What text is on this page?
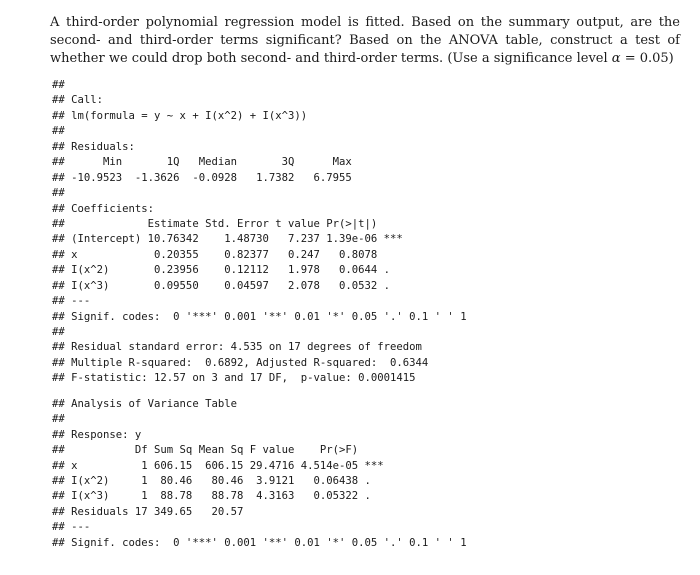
A third-order polynomial regression model is fitted. Based on the summary output, are the second- and third-order terms significant? Based on the ANOVA table, construct a test of whether we could drop both second- and third-order terms. (Use a significance level α = 0.05)
##
## Call:
## lm(formula = y ~ x + I(x^2) + I(x^3))
##
## Residuals:
##      Min       1Q   Median       3Q      Max
## -10.9523  -1.3626  -0.0928   1.7382   6.7955
##
## Coefficients:
##             Estimate Std. Error t value Pr(>|t|)
## (Intercept) 10.76342    1.48730   7.237 1.39e-06 ***
## x            0.20355    0.82377   0.247   0.8078
## I(x^2)       0.23956    0.12112   1.978   0.0644 .
## I(x^3)       0.09550    0.04597   2.078   0.0532 .
## ---
## Signif. codes:  0 '***' 0.001 '**' 0.01 '*' 0.05 '.' 0.1 ' ' 1
##
## Residual standard error: 4.535 on 17 degrees of freedom
## Multiple R-squared:  0.6892, Adjusted R-squared:  0.6344
## F-statistic: 12.57 on 3 and 17 DF,  p-value: 0.0001415
## Analysis of Variance Table
##
## Response: y
##           Df Sum Sq Mean Sq F value    Pr(>F)
## x          1 606.15  606.15 29.4716 4.514e-05 ***
## I(x^2)     1  80.46   80.46  3.9121   0.06438 .
## I(x^3)     1  88.78   88.78  4.3163   0.05322 .
## Residuals 17 349.65   20.57
## ---
## Signif. codes:  0 '***' 0.001 '**' 0.01 '*' 0.05 '.' 0.1 ' ' 1
